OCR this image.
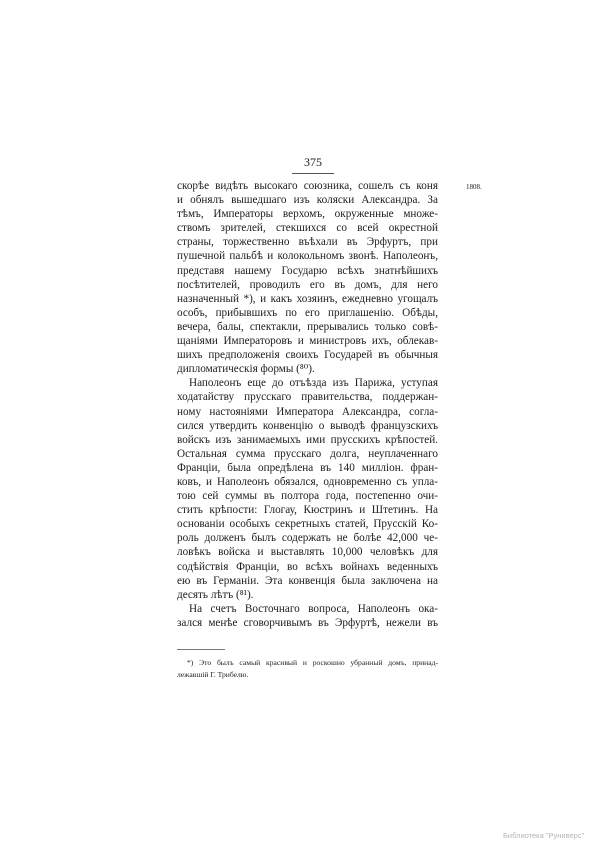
375
1808.
скорѣе видѣть высокаго союзника, сошелъ съ коня
и обнялъ вышедшаго изъ коляски Александра. За
тѣмъ, Императоры верхомъ, окруженные множе-
ствомъ зрителей, стекшихся со всей окрестной
страны, торжественно въѣхали въ Эрфуртъ, при
пушечной пальбѣ и колокольномъ звонѣ. Наполеонъ,
представя нашему Государю всѣхъ знатнѣйшихъ
посѣтителей, проводилъ его въ домъ, для него
назначенный *), и какъ хозяинъ, ежедневно угощалъ
особъ, прибывшихъ по его приглашенію. Обѣды,
вечера, балы, спектакли, прерывались только совѣ-
щаніями Императоровъ и министровъ ихъ, облекав-
шихъ предположенія своихъ Государей въ обычныя
дипломатическія формы (⁸⁰).
Наполеонъ еще до отъѣзда изъ Парижа, уступая
ходатайству прусскаго правительства, поддержан-
ному настояніями Императора Александра, согла-
сился утвердить конвенцію о выводѣ французскихъ
войскъ изъ занимаемыхъ ими прусскихъ крѣпостей.
Остальная сумма прусскаго долга, неуплаченнаго
Франціи, была опредѣлена въ 140 милліон. фран-
ковъ, и Наполеонъ обязался, одновременно съ упла-
тою сей суммы въ полтора года, постепенно очи-
стить крѣпости: Глогау, Кюстринъ и Штетинъ. На
основаніи особыхъ секретныхъ статей, Прусскій Ко-
роль долженъ былъ содержать не болѣе 42,000 че-
ловѣкъ войска и выставлять 10,000 человѣкъ для
содѣйствія Франціи, во всѣхъ войнахъ веденныхъ
ею въ Германіи. Эта конвенція была заключена на
десять лѣтъ (⁸¹).
На счетъ Восточнаго вопроса, Наполеонъ ока-
зался менѣе сговорчивымъ въ Эрфуртѣ, нежели въ
*) Это былъ самый красивый и роскошно убранный домъ, принад-
лежавшій Г. Трибелю.
Библиотека "Руниверс"
